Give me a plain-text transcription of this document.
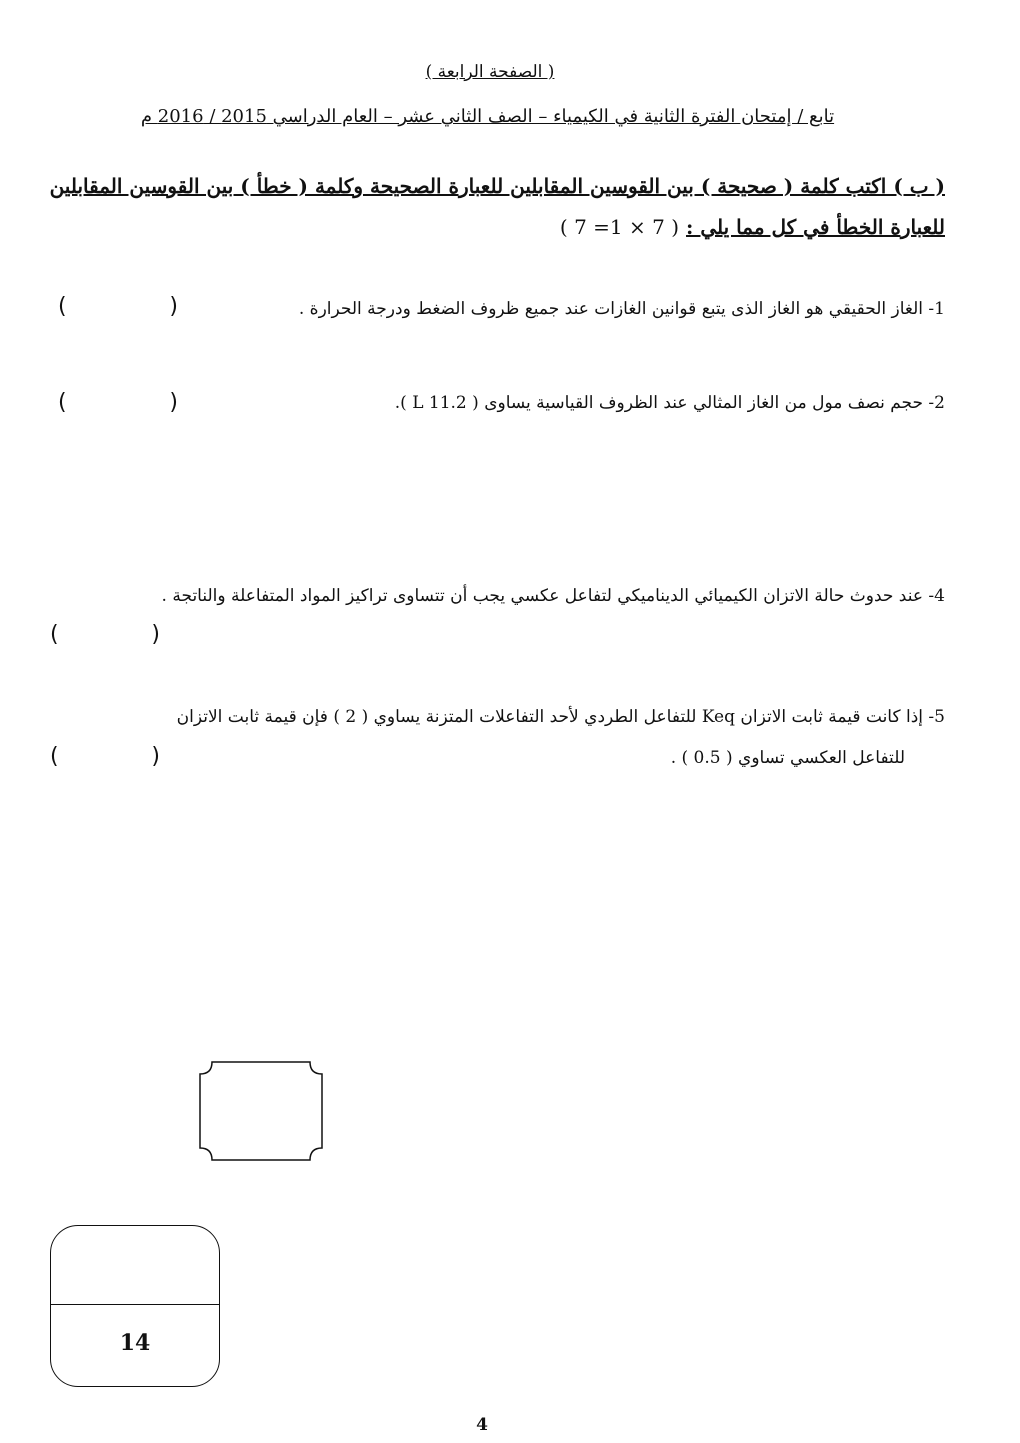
( الصفحة الرابعة )
تابع / إمتحان الفترة الثانية في الكيمياء – الصف الثاني عشر – العام الدراسي 2015 / 2016 م
( ب ) اكتب كلمة ( صحيحة ) بين القوسين المقابلين للعبارة الصحيحة وكلمة ( خطأ ) بين القوسين المقابلين
للعبارة الخطأ في كل مما يلي : ( 7 × 1= 7 )
1- الغاز الحقيقي هو الغاز الذى يتبع قوانين الغازات عند جميع ظروف الضغط ودرجة الحرارة .
(	)
2- حجم نصف مول من الغاز المثالي عند الظروف القياسية يساوى ( 11.2 L ).
(	)
4- عند حدوث حالة الاتزان الكيميائي الديناميكي لتفاعل عكسي يجب أن تتساوى تراكيز المواد المتفاعلة والناتجة .
(	)
5- إذا كانت قيمة ثابت الاتزان Keq للتفاعل الطردي لأحد التفاعلات المتزنة يساوي ( 2 ) فإن قيمة ثابت الاتزان
للتفاعل العكسي تساوي ( 0.5 ) .
(	)
14
4
